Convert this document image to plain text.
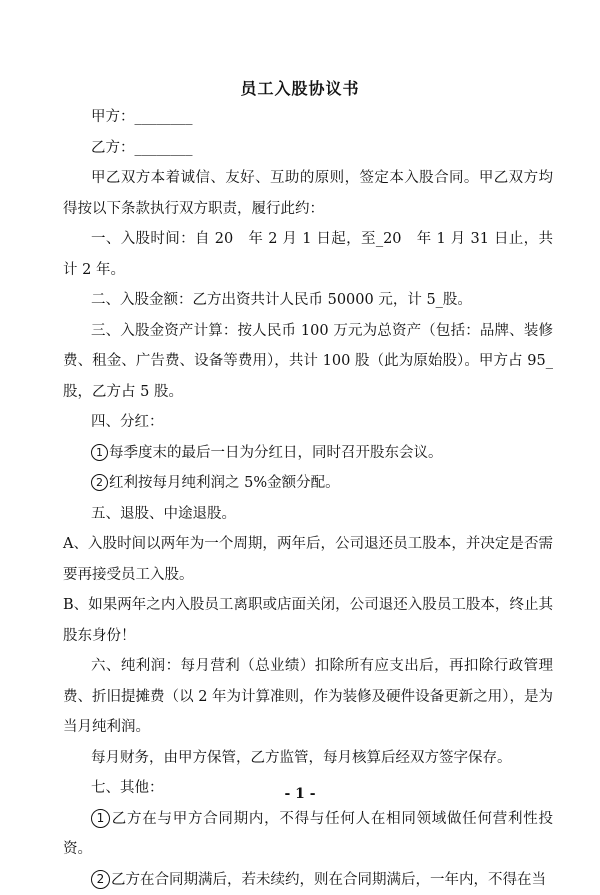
员工入股协议书

甲方：________

乙方：________

甲乙双方本着诚信、友好、互助的原则，签定本入股合同。甲乙双方均得按以下条款执行双方职责，履行此约：

一、入股时间：自 20　年 2 月 1 日起，至_20　年 1 月 31 日止，共计 2 年。

二、入股金额：乙方出资共计人民币 50000 元，计 5_股。

三、入股金资产计算：按人民币 100 万元为总资产（包括：品牌、装修费、租金、广告费、设备等费用），共计 100 股（此为原始股）。甲方占 95_股，乙方占 5 股。

四、分红：

1 每季度末的最后一日为分红日，同时召开股东会议。

2 红利按每月纯利润之 5%金额分配。

五、退股、中途退股。

A、入股时间以两年为一个周期，两年后，公司退还员工股本，并决定是否需要再接受员工入股。

B、如果两年之内入股员工离职或店面关闭，公司退还入股员工股本，终止其股东身份！

六、纯利润：每月营利（总业绩）扣除所有应支出后，再扣除行政管理费、折旧提摊费（以 2 年为计算准则，作为装修及硬件设备更新之用），是为当月纯利润。

每月财务，由甲方保管，乙方监管，每月核算后经双方签字保存。

七、其他：

1 乙方在与甲方合同期内，不得与任何人在相同领域做任何营利性投资。

2 乙方在合同期满后，若未续约，则在合同期满后，一年内，不得在当

- 1 -
